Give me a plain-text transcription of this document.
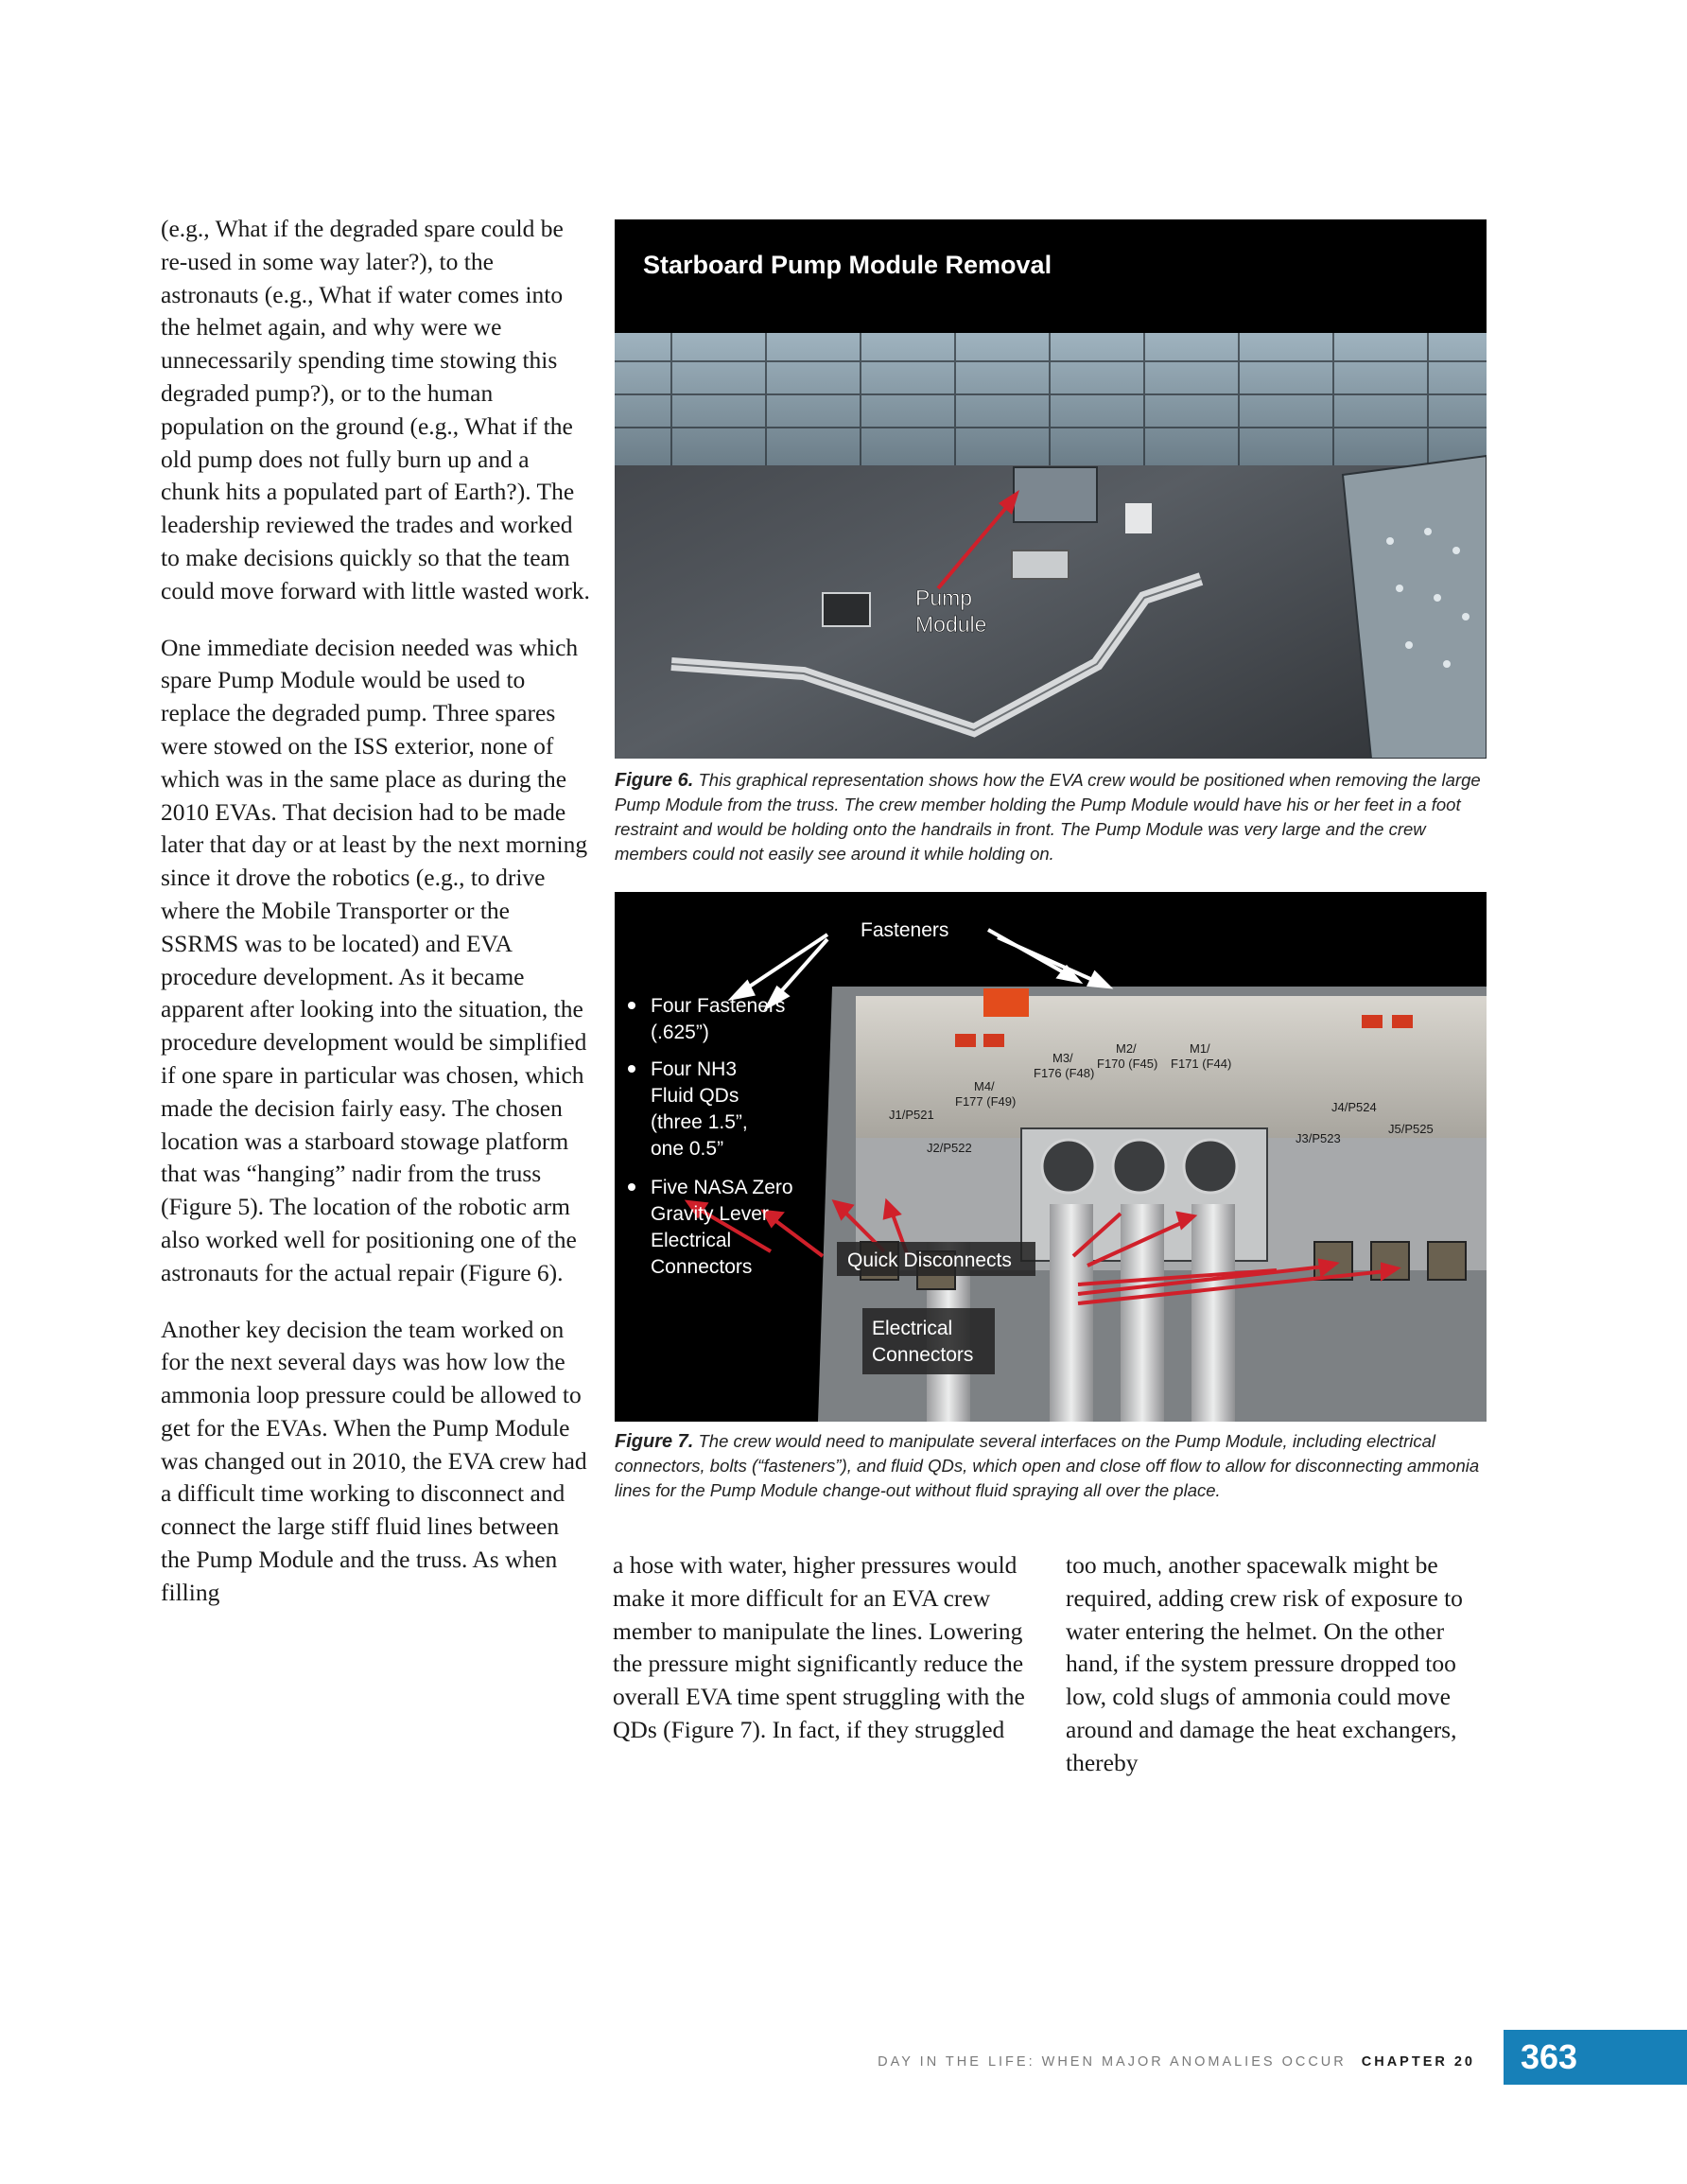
(e.g., What if the degraded spare could be re-used in some way later?), to the astronauts (e.g., What if water comes into the helmet again, and why were we unnecessarily spending time stowing this degraded pump?), or to the human population on the ground (e.g., What if the old pump does not fully burn up and a chunk hits a populated part of Earth?). The leadership reviewed the trades and worked to make decisions quickly so that the team could move forward with little wasted work.

One immediate decision needed was which spare Pump Module would be used to replace the degraded pump. Three spares were stowed on the ISS exterior, none of which was in the same place as during the 2010 EVAs. That decision had to be made later that day or at least by the next morning since it drove the robotics (e.g., to drive where the Mobile Transporter or the SSRMS was to be located) and EVA procedure development. As it became apparent after looking into the situation, the procedure development would be simplified if one spare in particular was chosen, which made the decision fairly easy. The chosen location was a starboard stowage platform that was “hanging” nadir from the truss (Figure 5). The location of the robotic arm also worked well for positioning one of the astronauts for the actual repair (Figure 6).

Another key decision the team worked on for the next several days was how low the ammonia loop pressure could be allowed to get for the EVAs. When the Pump Module was changed out in 2010, the EVA crew had a difficult time working to disconnect and connect the large stiff fluid lines between the Pump Module and the truss. As when filling

Starboard Pump Module Removal
Pump
Module
Figure 6. This graphical representation shows how the EVA crew would be positioned when removing the large Pump Module from the truss. The crew member holding the Pump Module would have his or her feet in a foot restraint and would be holding onto the handrails in front. The Pump Module was very large and the crew members could not easily see around it while holding on.
Fasteners
Quick Disconnects
Electrical
Connectors
Four Fasteners
(.625”)
Four NH3
Fluid QDs
(three 1.5”,
one 0.5”
Five NASA Zero
Gravity Lever
Electrical
Connectors
M3/
F176 (F48)
M2/
F170 (F45)
M1/
F171 (F44)
M4/
F177 (F49)
J1/P521
J2/P522
J3/P523
J4/P524
J5/P525
Figure 7. The crew would need to manipulate several interfaces on the Pump Module, including electrical connectors, bolts (“fasteners”), and fluid QDs, which open and close off flow to allow for disconnecting ammonia lines for the Pump Module change-out without fluid spraying all over the place.

a hose with water, higher pressures would make it more difficult for an EVA crew member to manipulate the lines. Lowering the pressure might significantly reduce the overall EVA time spent struggling with the QDs (Figure 7). In fact, if they struggled

too much, another spacewalk might be required, adding crew risk of exposure to water entering the helmet. On the other hand, if the system pressure dropped too low, cold slugs of ammonia could move around and damage the heat exchangers, thereby

DAY IN THE LIFE: WHEN MAJOR ANOMALIES OCCUR CHAPTER 20	363
